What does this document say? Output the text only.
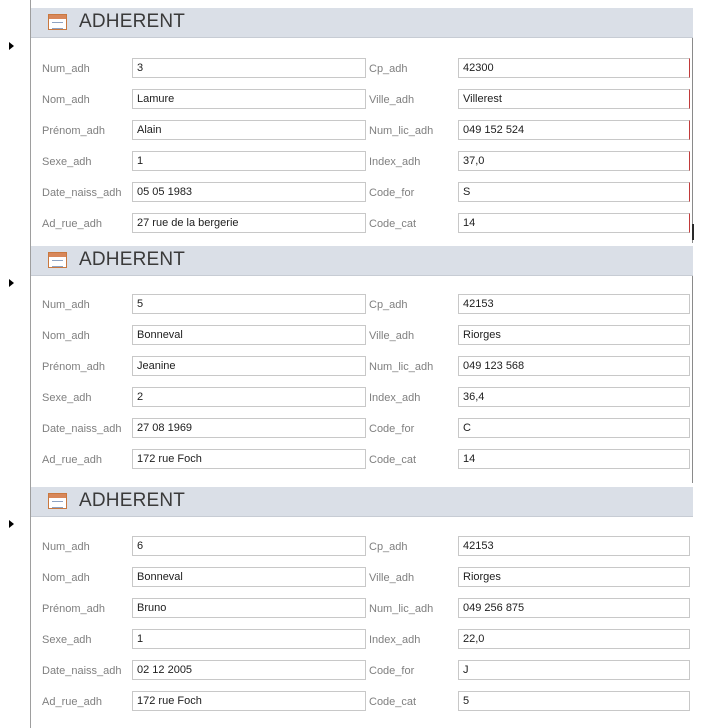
ADHERENT
Num_adh	3
Nom_adh	Lamure
Prénom_adh	Alain
Sexe_adh	1
Date_naiss_adh	05 05 1983
Ad_rue_adh	27 rue de la bergerie
Cp_adh	42300
Ville_adh	Villerest
Num_lic_adh	049 152 524
Index_adh	37,0
Code_for	S
Code_cat	14
ADHERENT
Num_adh	5
Nom_adh	Bonneval
Prénom_adh	Jeanine
Sexe_adh	2
Date_naiss_adh	27 08 1969
Ad_rue_adh	172 rue Foch
Cp_adh	42153
Ville_adh	Riorges
Num_lic_adh	049 123 568
Index_adh	36,4
Code_for	C
Code_cat	14
ADHERENT
Num_adh	6
Nom_adh	Bonneval
Prénom_adh	Bruno
Sexe_adh	1
Date_naiss_adh	02 12 2005
Ad_rue_adh	172 rue Foch
Cp_adh	42153
Ville_adh	Riorges
Num_lic_adh	049 256 875
Index_adh	22,0
Code_for	J
Code_cat	5
